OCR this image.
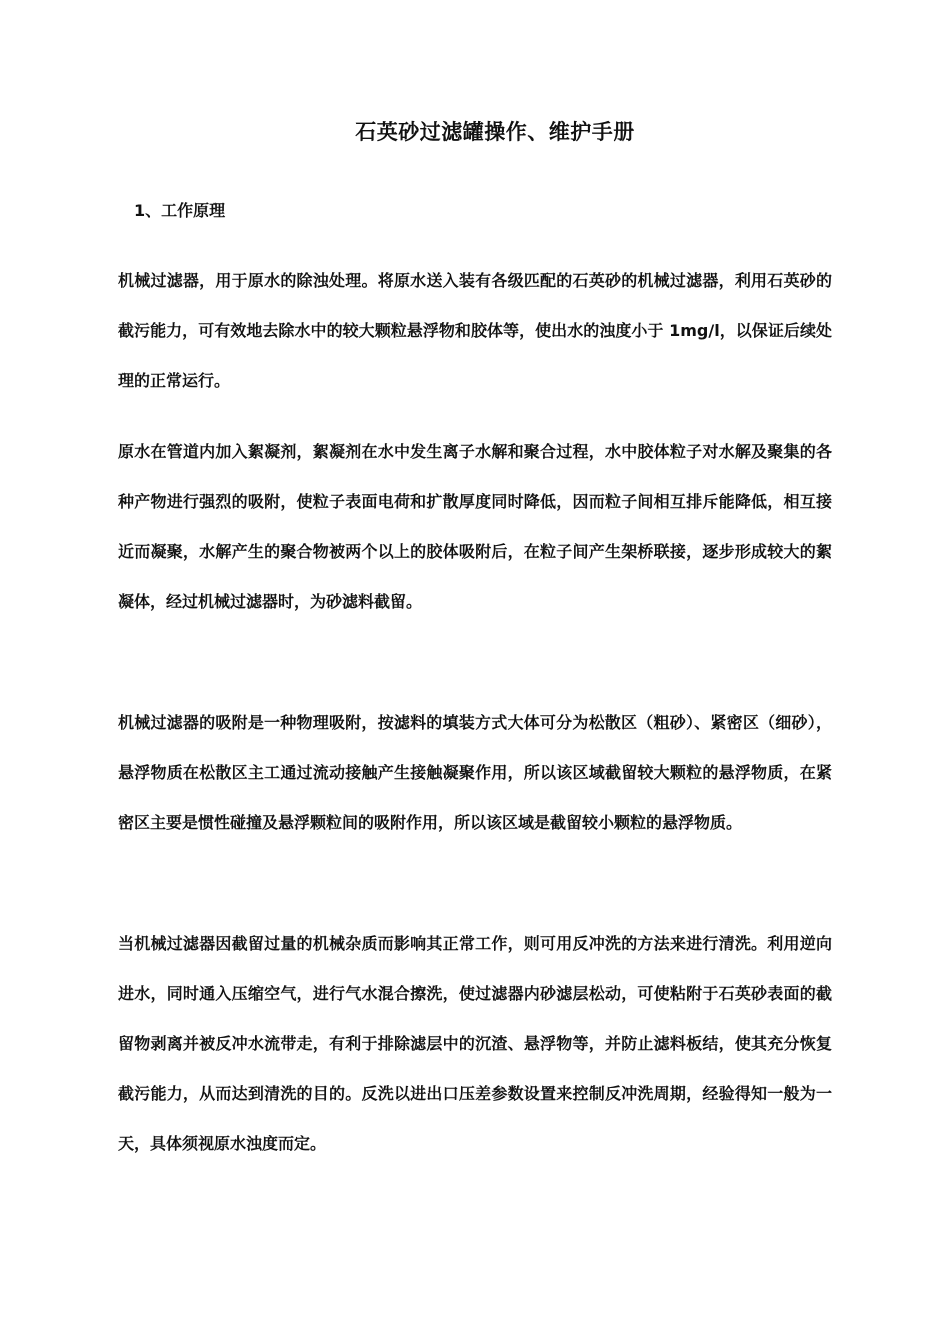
石英砂过滤罐操作、维护手册
1、工作原理

机械过滤器，用于原水的除浊处理。将原水送入装有各级匹配的石英砂的机械过滤器，利用石英砂的截污能力，可有效地去除水中的较大颗粒悬浮物和胶体等，使出水的浊度小于 1mg/l，以保证后续处理的正常运行。

原水在管道内加入絮凝剂，絮凝剂在水中发生离子水解和聚合过程，水中胶体粒子对水解及聚集的各种产物进行强烈的吸附，使粒子表面电荷和扩散厚度同时降低，因而粒子间相互排斥能降低，相互接近而凝聚，水解产生的聚合物被两个以上的胶体吸附后，在粒子间产生架桥联接，逐步形成较大的絮凝体，经过机械过滤器时，为砂滤料截留。

机械过滤器的吸附是一种物理吸附，按滤料的填装方式大体可分为松散区（粗砂）、紧密区（细砂），悬浮物质在松散区主工通过流动接触产生接触凝聚作用，所以该区域截留较大颗粒的悬浮物质，在紧密区主要是惯性碰撞及悬浮颗粒间的吸附作用，所以该区域是截留较小颗粒的悬浮物质。

当机械过滤器因截留过量的机械杂质而影响其正常工作，则可用反冲洗的方法来进行清洗。利用逆向进水，同时通入压缩空气，进行气水混合擦洗，使过滤器内砂滤层松动，可使粘附于石英砂表面的截留物剥离并被反冲水流带走，有利于排除滤层中的沉渣、悬浮物等，并防止滤料板结，使其充分恢复截污能力，从而达到清洗的目的。反洗以进出口压差参数设置来控制反冲洗周期，经验得知一般为一天，具体须视原水浊度而定。
